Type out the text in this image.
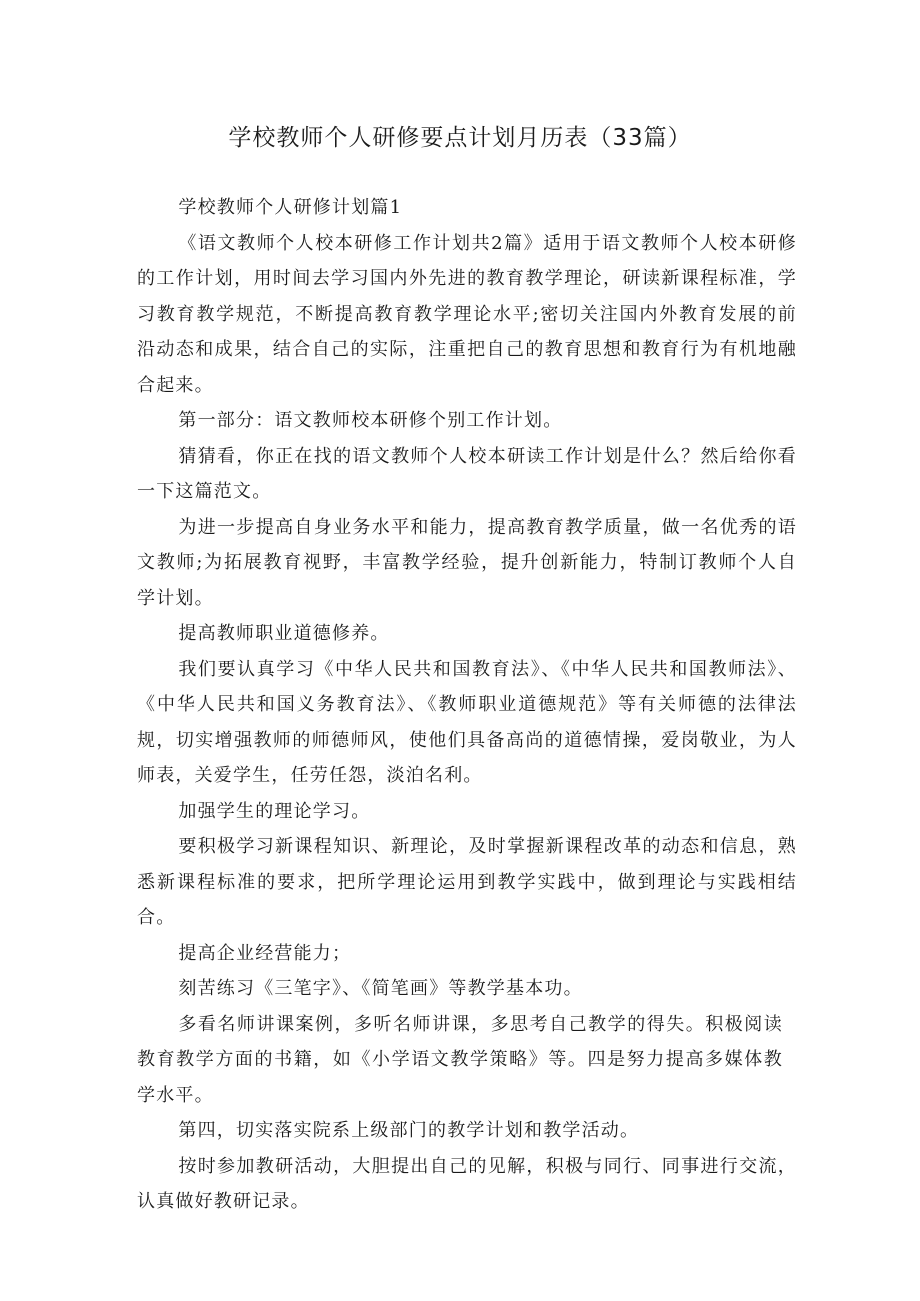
学校教师个人研修要点计划月历表（33篇）

学校教师个人研修计划篇1

《语文教师个人校本研修工作计划共2篇》适用于语文教师个人校本研修的工作计划，用时间去学习国内外先进的教育教学理论，研读新课程标准，学习教育教学规范，不断提高教育教学理论水平;密切关注国内外教育发展的前沿动态和成果，结合自己的实际，注重把自己的教育思想和教育行为有机地融合起来。

第一部分：语文教师校本研修个别工作计划。

猜猜看，你正在找的语文教师个人校本研读工作计划是什么？然后给你看一下这篇范文。

为进一步提高自身业务水平和能力，提高教育教学质量，做一名优秀的语文教师;为拓展教育视野，丰富教学经验，提升创新能力，特制订教师个人自学计划。

提高教师职业道德修养。

我们要认真学习《中华人民共和国教育法》、《中华人民共和国教师法》、《中华人民共和国义务教育法》、《教师职业道德规范》等有关师德的法律法规，切实增强教师的师德师风，使他们具备高尚的道德情操，爱岗敬业，为人师表，关爱学生，任劳任怨，淡泊名利。

加强学生的理论学习。

要积极学习新课程知识、新理论，及时掌握新课程改革的动态和信息，熟悉新课程标准的要求，把所学理论运用到教学实践中，做到理论与实践相结合。

提高企业经营能力；

刻苦练习《三笔字》、《简笔画》等教学基本功。

多看名师讲课案例，多听名师讲课，多思考自己教学的得失。积极阅读教育教学方面的书籍，如《小学语文教学策略》等。四是努力提高多媒体教学水平。

第四，切实落实院系上级部门的教学计划和教学活动。

按时参加教研活动，大胆提出自己的见解，积极与同行、同事进行交流，认真做好教研记录。
